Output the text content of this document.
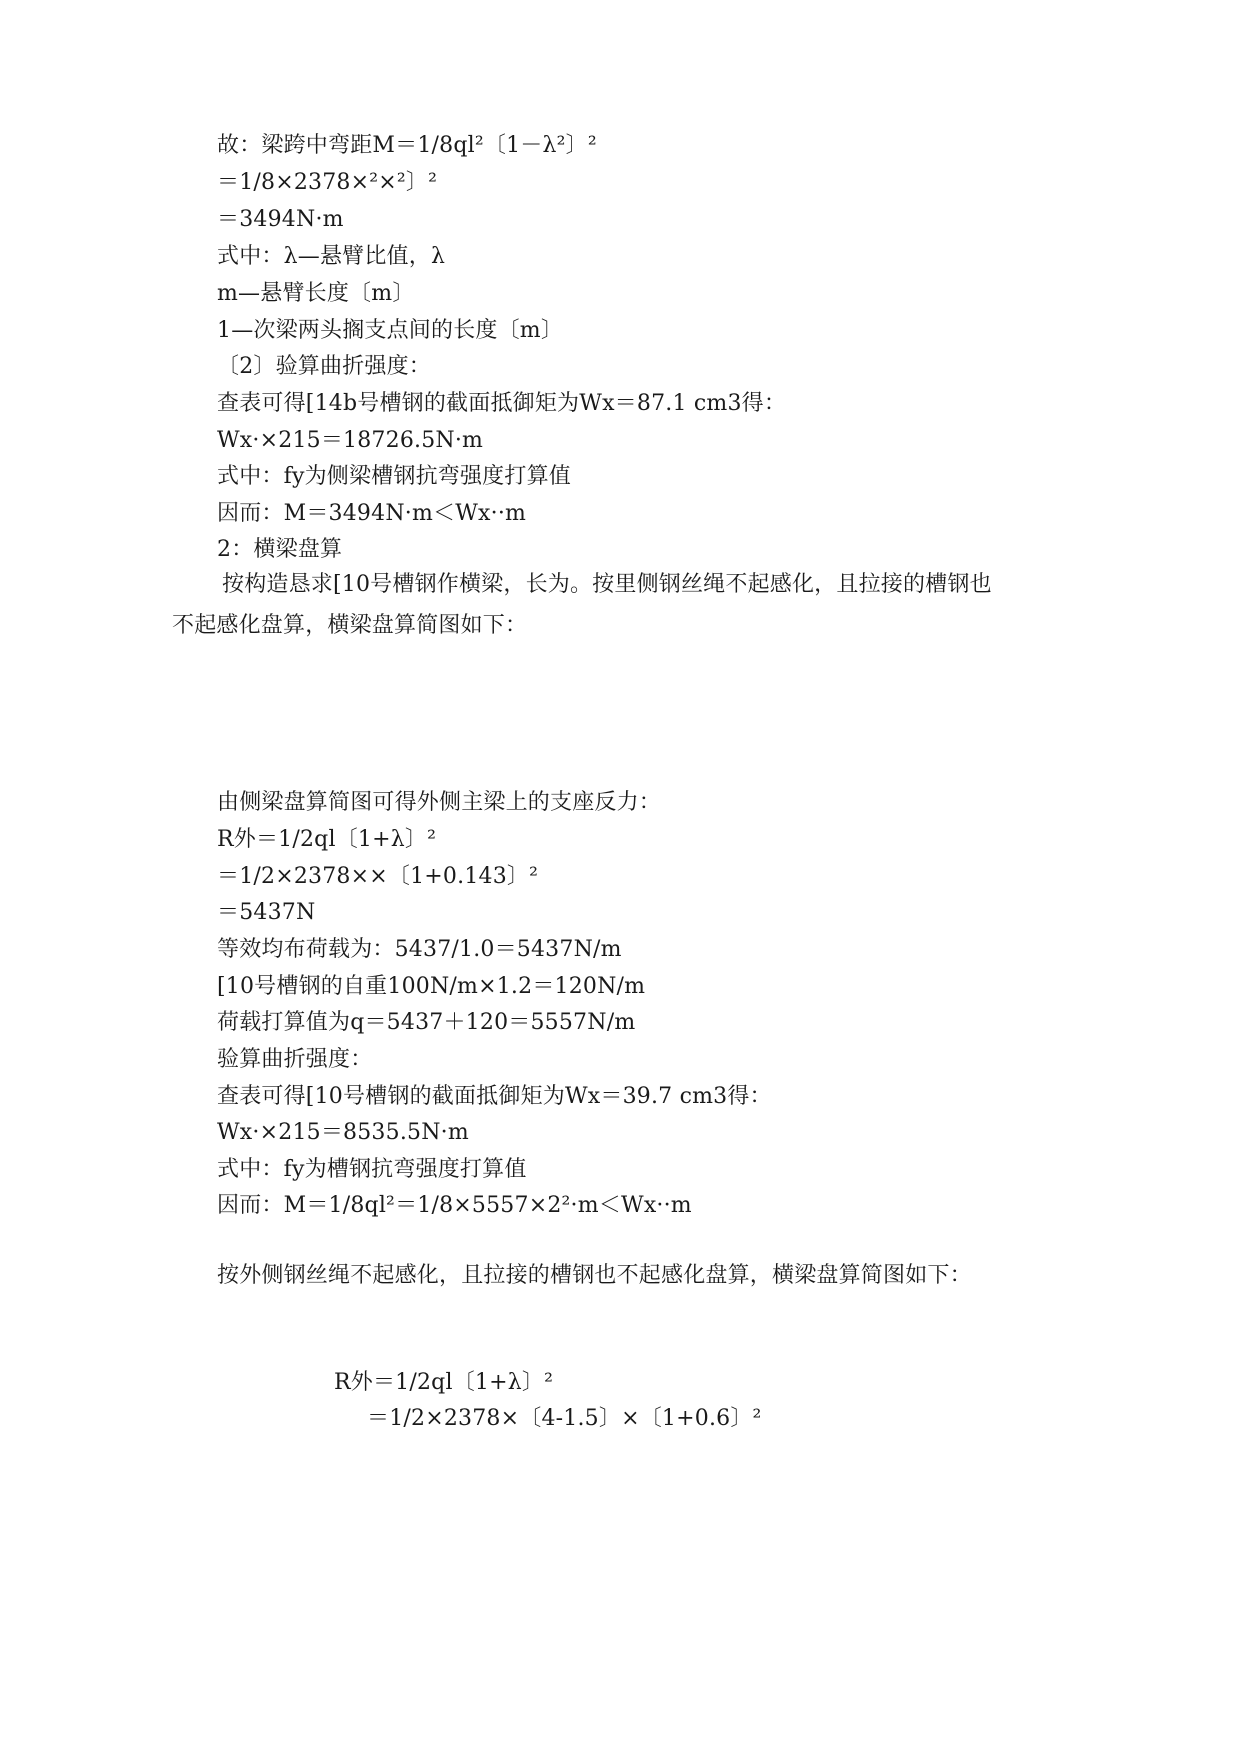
故：梁跨中弯距M＝1/8ql²〔1－λ²〕²
＝1/8×2378×²×²〕²
＝3494N·m
式中：λ—悬臂比值，λ
m—悬臂长度〔m〕
1—次梁两头搁支点间的长度〔m〕
〔2〕验算曲折强度：
查表可得[14b号槽钢的截面抵御矩为Wx＝87.1 cm3得：
Wx·×215＝18726.5N·m
式中：fy为侧梁槽钢抗弯强度打算值
因而：M＝3494N·m＜Wx··m
2：横梁盘算
按构造恳求[10号槽钢作横梁，长为。按里侧钢丝绳不起感化，且拉接的槽钢也不起感化盘算，横梁盘算简图如下：
由侧梁盘算简图可得外侧主梁上的支座反力：
R外＝1/2ql〔1+λ〕²
＝1/2×2378××〔1+0.143〕²
＝5437N
等效均布荷载为：5437/1.0＝5437N/m
[10号槽钢的自重100N/m×1.2＝120N/m
荷载打算值为q＝5437＋120＝5557N/m
验算曲折强度：
查表可得[10号槽钢的截面抵御矩为Wx＝39.7 cm3得：
Wx·×215＝8535.5N·m
式中：fy为槽钢抗弯强度打算值
因而：M＝1/8ql²＝1/8×5557×2²·m＜Wx··m
按外侧钢丝绳不起感化，且拉接的槽钢也不起感化盘算，横梁盘算简图如下：
R外＝1/2ql〔1+λ〕²
＝1/2×2378×〔4-1.5〕×〔1+0.6〕²
